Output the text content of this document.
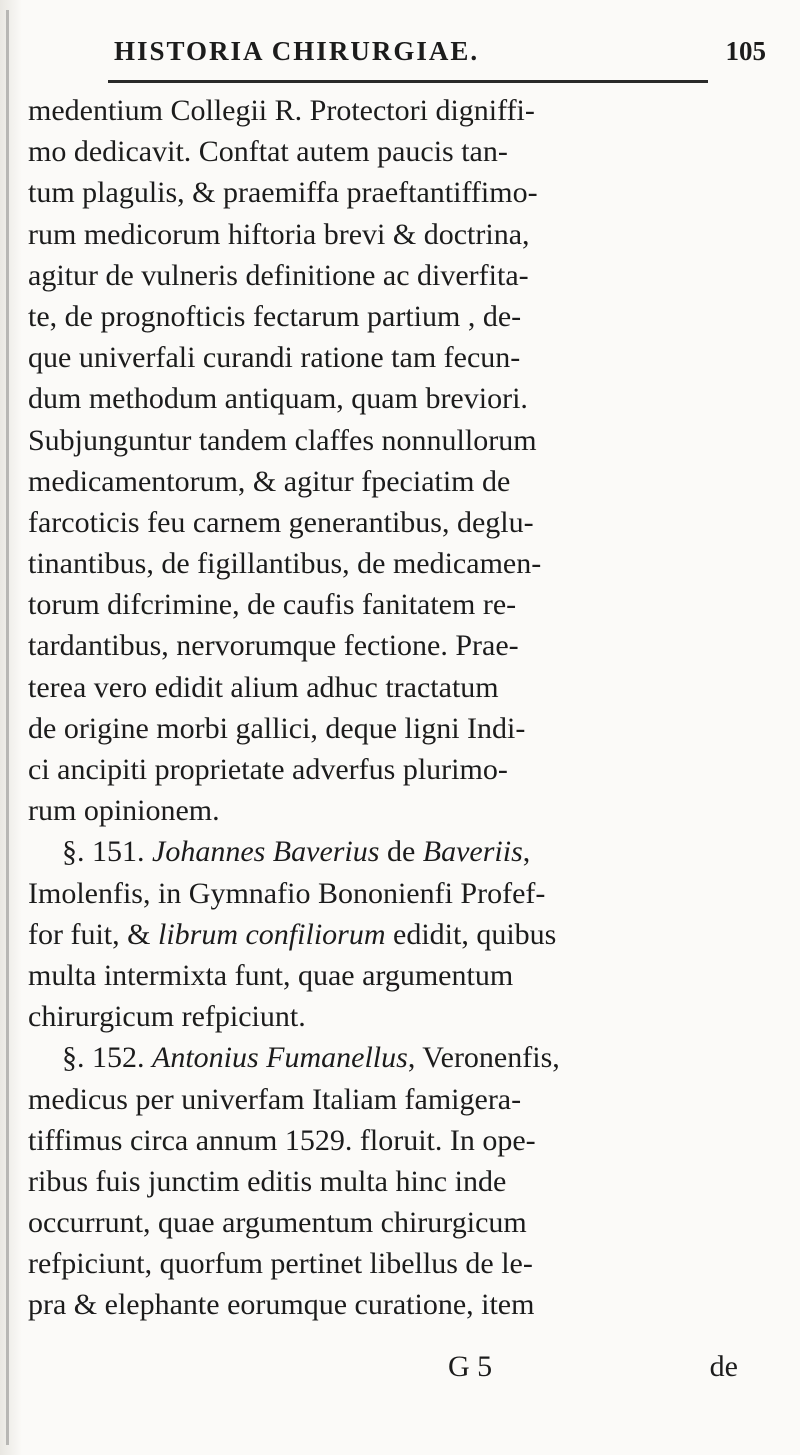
HISTORIA CHIRURGIAE.	105
medentium Collegii R. Protectori digniffi-
mo dedicavit. Conftat autem paucis tan-
tum plagulis, & praemiffa praeftantiffimo-
rum medicorum hiftoria brevi & doctrina,
agitur de vulneris definitione ac diverfita-
te, de prognofticis fectarum partium , de-
que univerfali curandi ratione tam fecun-
dum methodum antiquam, quam breviori.
Subjunguntur tandem claffes nonnullorum
medicamentorum, & agitur fpeciatim de
farcoticis feu carnem generantibus, deglu-
tinantibus, de figillantibus, de medicamen-
torum difcrimine, de caufis fanitatem re-
tardantibus, nervorumque fectione. Prae-
terea vero edidit alium adhuc tractatum
de origine morbi gallici, deque ligni Indi-
ci ancipiti proprietate adverfus plurimo-
rum opinionem.
§. 151. Johannes Baverius de Baveriis,
Imolenfis, in Gymnafio Bononienfi Profef-
for fuit, & librum confiliorum edidit, quibus
multa intermixta funt, quae argumentum
chirurgicum refpiciunt.
§. 152. Antonius Fumanellus, Veronenfis,
medicus per univerfam Italiam famigera-
tiffimus circa annum 1529. floruit. In ope-
ribus fuis junctim editis multa hinc inde
occurrunt, quae argumentum chirurgicum
refpiciunt, quorfum pertinet libellus de le-
pra & elephante eorumque curatione, item
G 5	de
